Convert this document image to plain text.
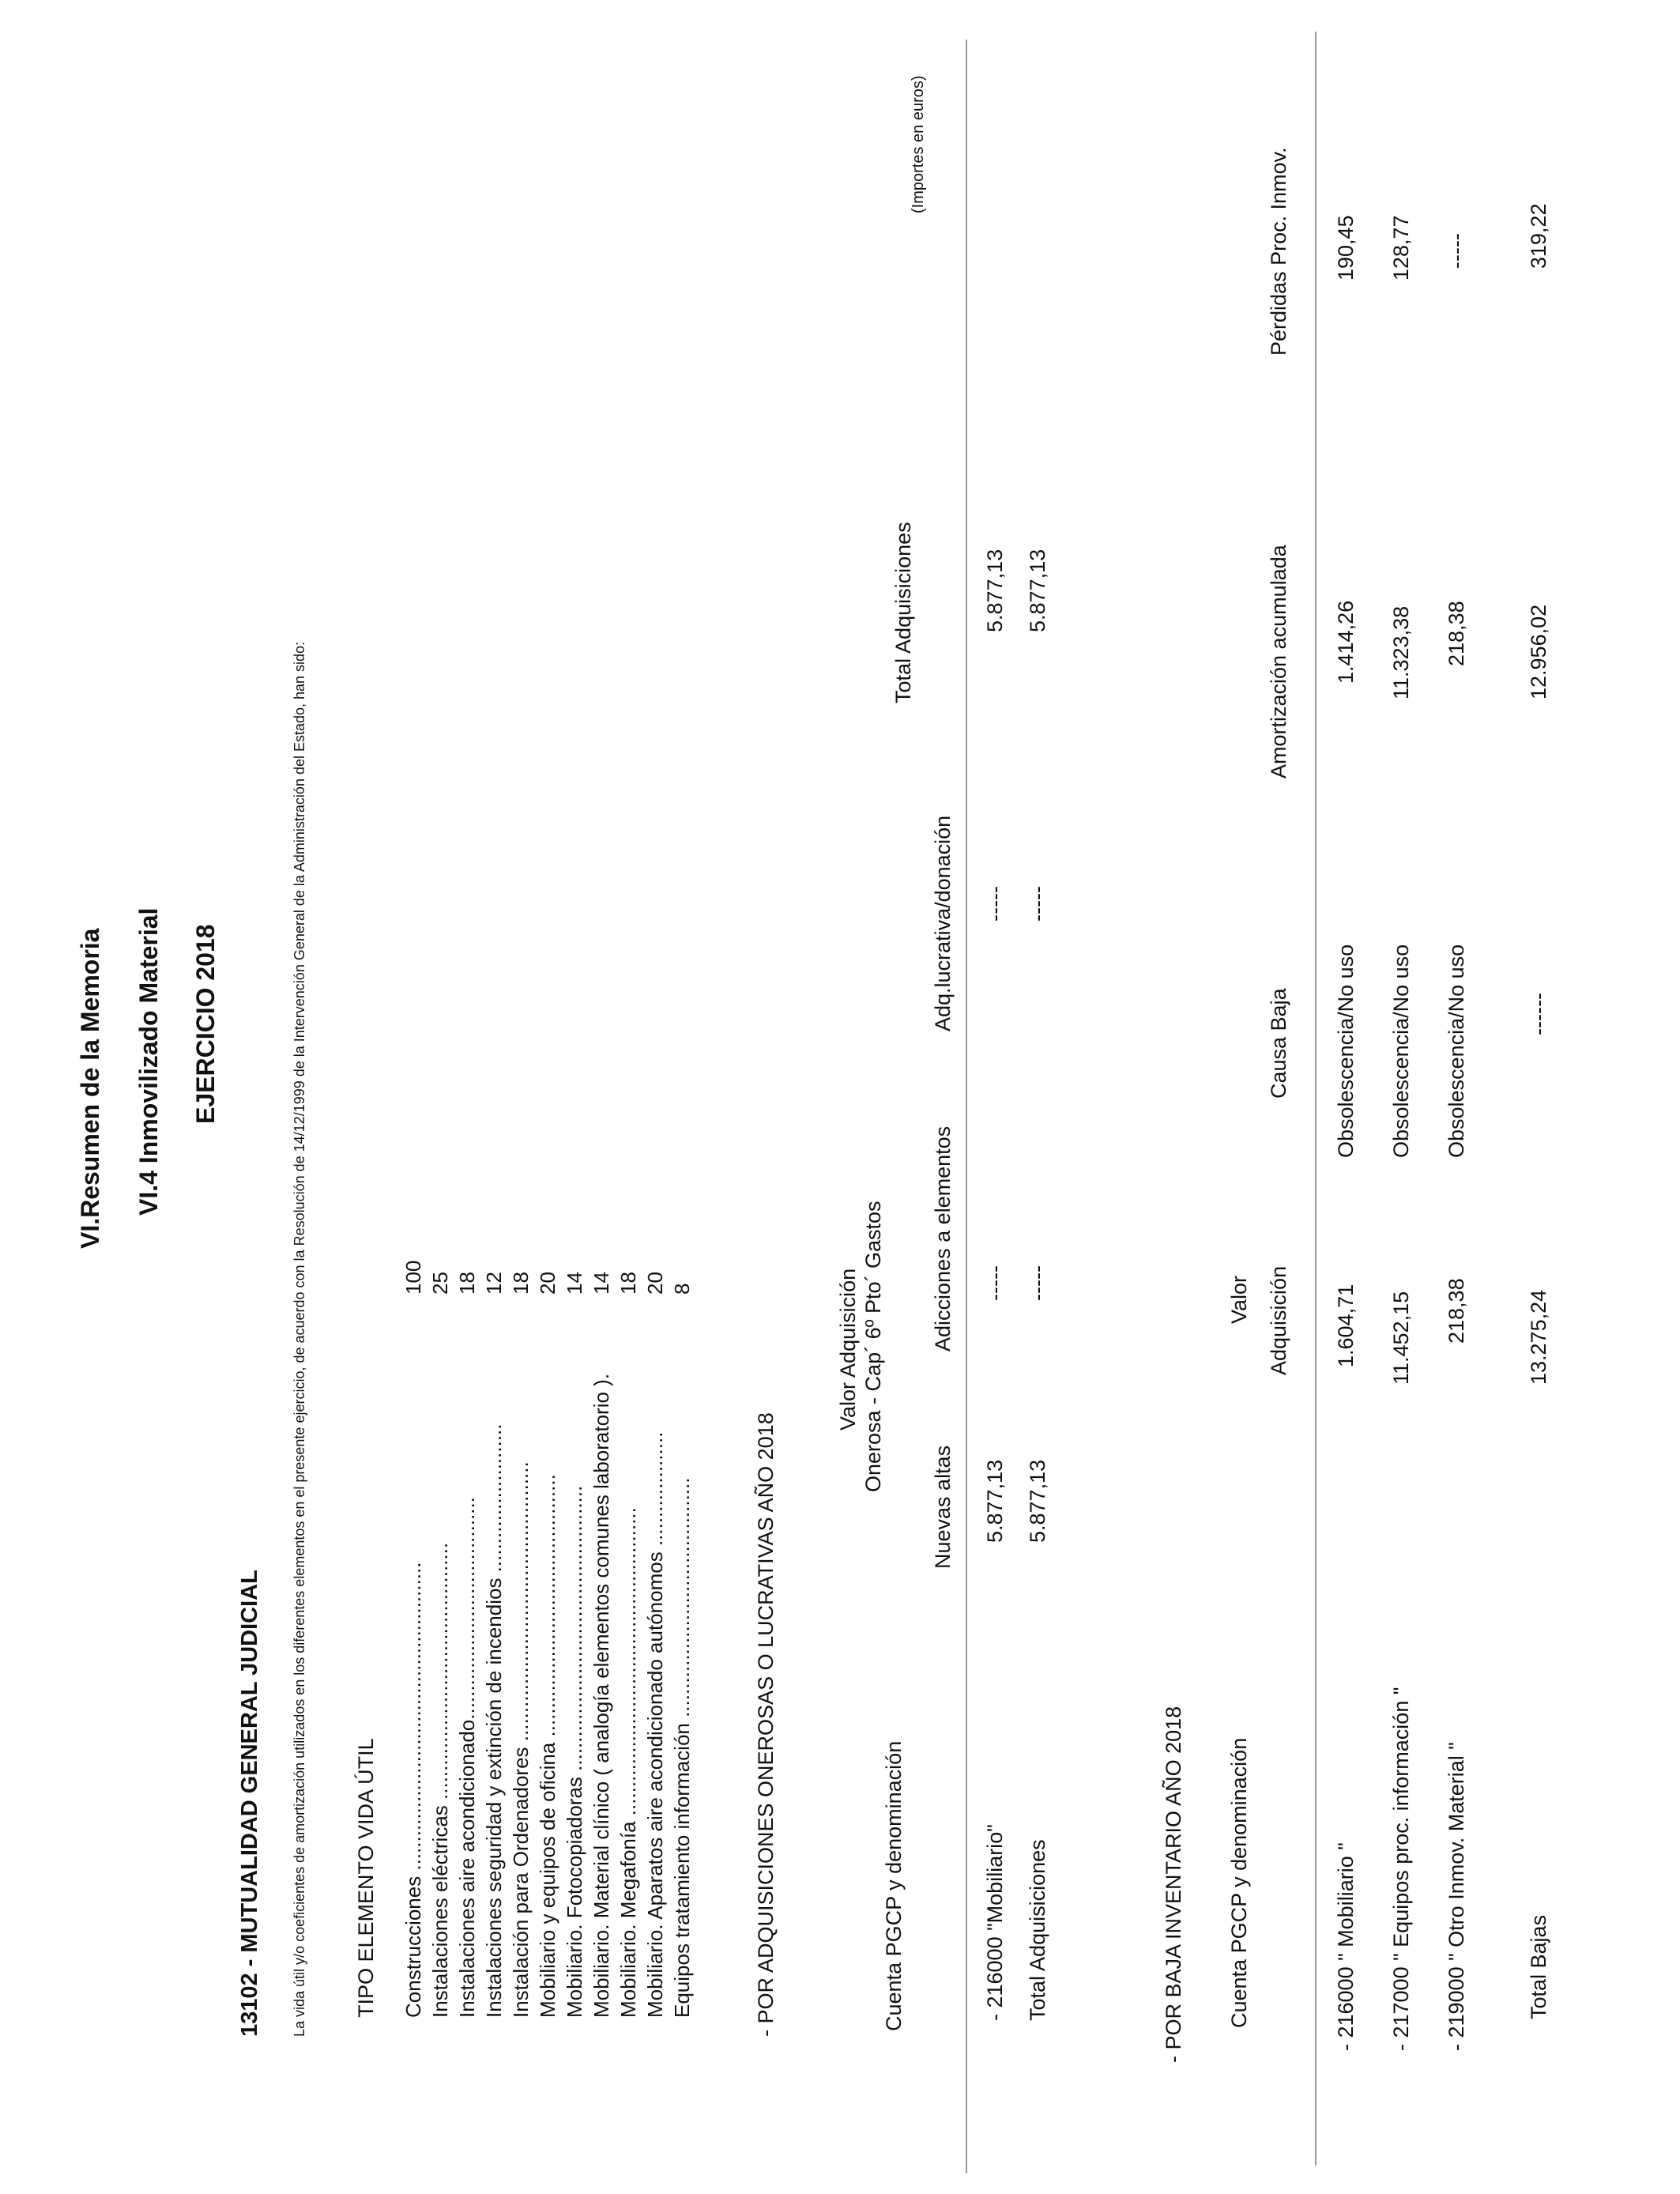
VI.Resumen de la Memoria VI.4 Inmovilizado Material EJERCICIO 2018
13102 - MUTUALIDAD GENERAL JUDICIAL La vida útil y/o coeficientes de amortización utilizados en los diferentes elementos en el presente ejercicio, de acuerdo con la Resolución de 14/12/1999 de la Intervención General de la Administración del Estado, han sido: TIPO ELEMENTO VIDA ÚTIL Construcciones ......................................................100
Instalaciones eléctricas .............................................25
Instalaciones aire acondicionado.......................................18
Instalaciones seguridad y extinción de incendios ..........................12
Instalación para Ordenadores .................................................18
Mobiliario y equipos de oficina ..............................................20
Mobiliario. Fotocopiadoras ..................................................14
Mobiliario. Material clínico ( analogía elementos comunes laboratorio ).14
Mobiliario. Megafonía ......................................................18
Mobiliario. Aparatos aire acondicionado autónomos ....................20
Equipos tratamiento información ..........................................8
- POR ADQUISICIONES ONEROSAS O LUCRATIVAS AÑO 2018	Cuenta PGCP y denominación
Valor Adquisición Onerosa - Cap´ 6º Pto´ Gastos
Nuevas altas
Adicciones a elementos
Adq.lucrativa/donación
Total Adquisiciones
- 216000 "Mobiliario"
5.877,13
-----
-----
5.877,13
Total Adquisiciones
5.877,13
-----
-----
5.877,13
(Importes en euros)
- POR BAJA INVENTARIO AÑO 2018 Cuenta PGCP y denominación
Valor Adquisición
Causa Baja
Amortización acumulada
Pérdidas Proc. Inmov.
- 216000 " Mobiliario "
1.604,71
Obsolescencia/No uso
1.414,26
190,45
- 217000 " Equipos proc. información "
11.452,15
Obsolescencia/No uso
11.323,38
128,77
- 219000 " Otro Inmov. Material "
218,38
Obsolescencia/No uso
218,38
-----
Total Bajas
13.275,24
------
12.956,02
319,22
